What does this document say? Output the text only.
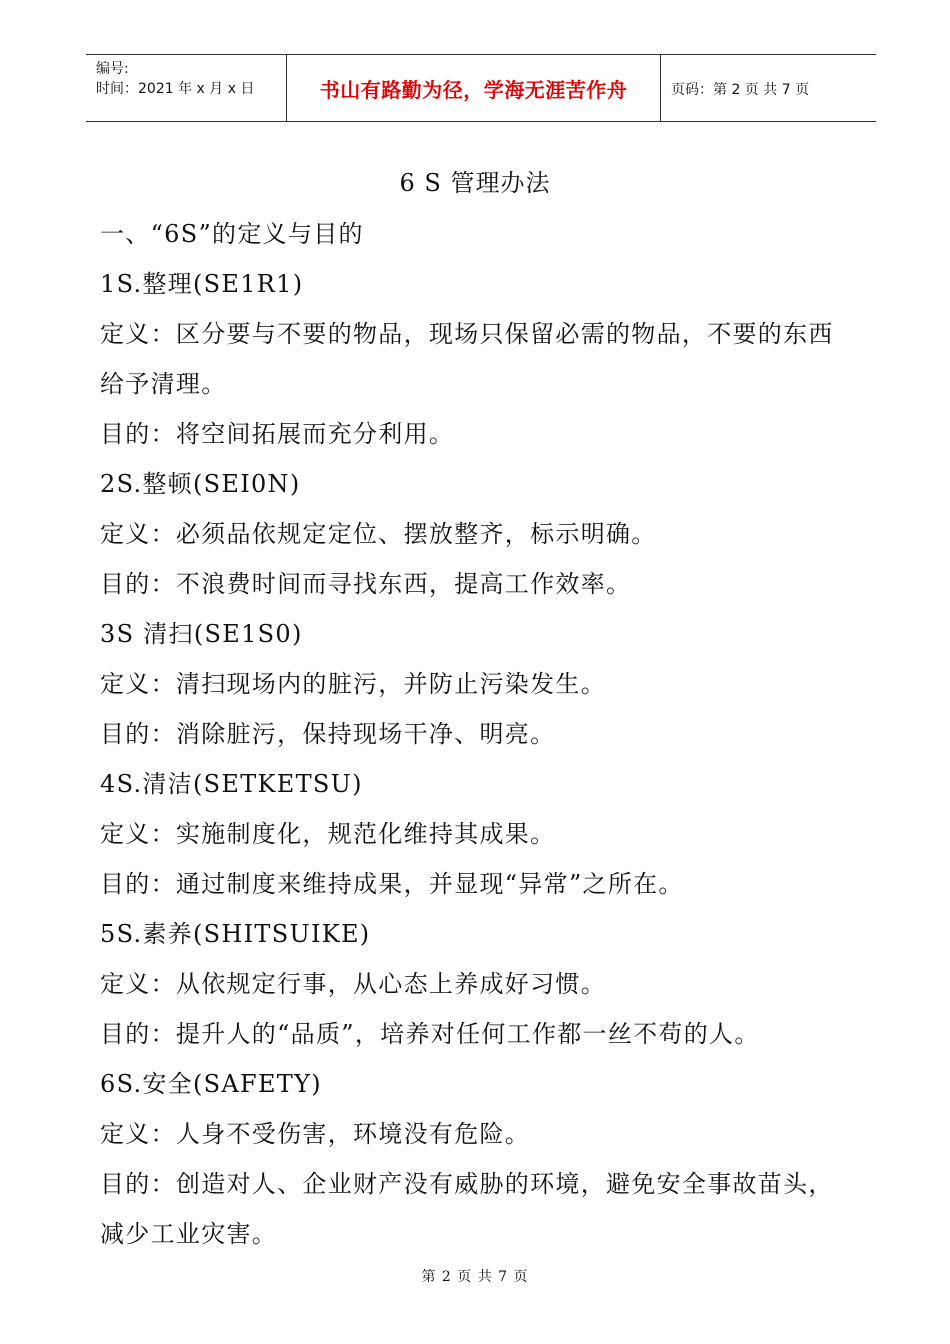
编号:
时间：2021 年 x 月 x 日	书山有路勤为径，学海无涯苦作舟	页码：第 2 页 共 7 页
6 S 管理办法

一、“6S”的定义与目的

1S.整理(SE1R1)

定义：区分要与不要的物品，现场只保留必需的物品，不要的东西

给予清理。

目的：将空间拓展而充分利用。

2S.整顿(SEI0N)

定义：必须品依规定定位、摆放整齐，标示明确。

目的：不浪费时间而寻找东西，提高工作效率。

3S 清扫(SE1S0)

定义：清扫现场内的脏污，并防止污染发生。

目的：消除脏污，保持现场干净、明亮。

4S.清洁(SETKETSU)

定义：实施制度化，规范化维持其成果。

目的：通过制度来维持成果，并显现“异常”之所在。

5S.素养(SHITSUIKE)

定义：从依规定行事，从心态上养成好习惯。

目的：提升人的“品质”，培养对任何工作都一丝不苟的人。

6S.安全(SAFETY)

定义：人身不受伤害，环境没有危险。

目的：创造对人、企业财产没有威胁的环境，避免安全事故苗头，

减少工业灾害。

第 2 页 共 7 页
